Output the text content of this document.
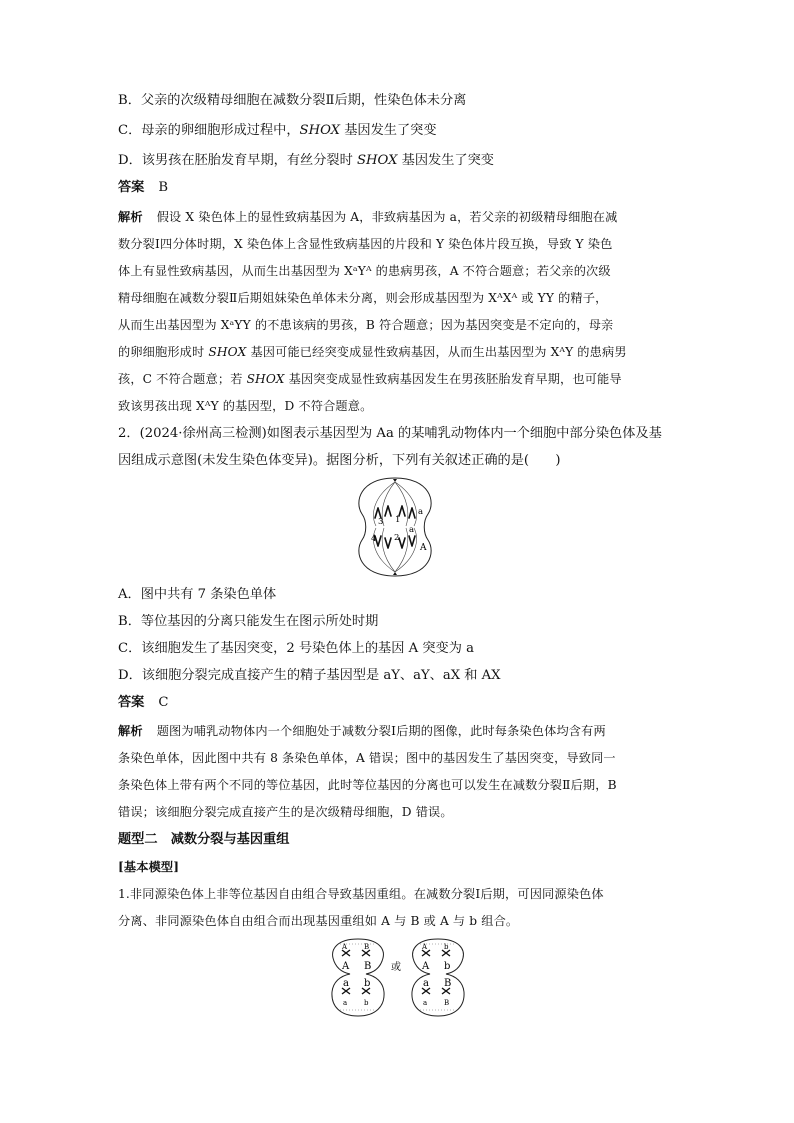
B．父亲的次级精母细胞在减数分裂Ⅱ后期，性染色体未分离
C．母亲的卵细胞形成过程中，SHOX 基因发生了突变
D．该男孩在胚胎发育早期，有丝分裂时 SHOX 基因发生了突变
答案 B
解析 假设 X 染色体上的显性致病基因为 A，非致病基因为 a，若父亲的初级精母细胞在减
数分裂Ⅰ四分体时期，X 染色体上含显性致病基因的片段和 Y 染色体片段互换，导致 Y 染色
体上有显性致病基因，从而生出基因型为 XᵃYᴬ 的患病男孩，A 不符合题意；若父亲的次级
精母细胞在减数分裂Ⅱ后期姐妹染色单体未分离，则会形成基因型为 XᴬXᴬ 或 YY 的精子，
从而生出基因型为 XᵃYY 的不患该病的男孩，B 符合题意；因为基因突变是不定向的，母亲
的卵细胞形成时 SHOX 基因可能已经突变成显性致病基因，从而生出基因型为 XᴬY 的患病男
孩，C 不符合题意；若 SHOX 基因突变成显性致病基因发生在男孩胚胎发育早期，也可能导
致该男孩出现 XᴬY 的基因型，D 不符合题意。
2．(2024·徐州高三检测)如图表示基因型为 Aa 的某哺乳动物体内一个细胞中部分染色体及基
因组成示意图(未发生染色体变异)。据图分析，下列有关叙述正确的是(　　)
3 1
a
a
2
4
A
A．图中共有 7 条染色单体
B．等位基因的分离只能发生在图示所处时期
C．该细胞发生了基因突变，2 号染色体上的基因 A 突变为 a
D．该细胞分裂完成直接产生的精子基因型是 aY、aY、aX 和 AX
答案 C
解析 题图为哺乳动物体内一个细胞处于减数分裂Ⅰ后期的图像，此时每条染色体均含有两
条染色单体，因此图中共有 8 条染色单体，A 错误；图中的基因发生了基因突变，导致同一
条染色体上带有两个不同的等位基因，此时等位基因的分离也可以发生在减数分裂Ⅱ后期，B
错误；该细胞分裂完成直接产生的是次级精母细胞，D 错误。
题型二　减数分裂与基因重组
[基本模型]
1.非同源染色体上非等位基因自由组合导致基因重组。在减数分裂Ⅰ后期，可因同源染色体
分离、非同源染色体自由组合而出现基因重组如 A 与 B 或 A 与 b 组合。
A B
a b
A b
a B
A B
a b
A b
a B
或
